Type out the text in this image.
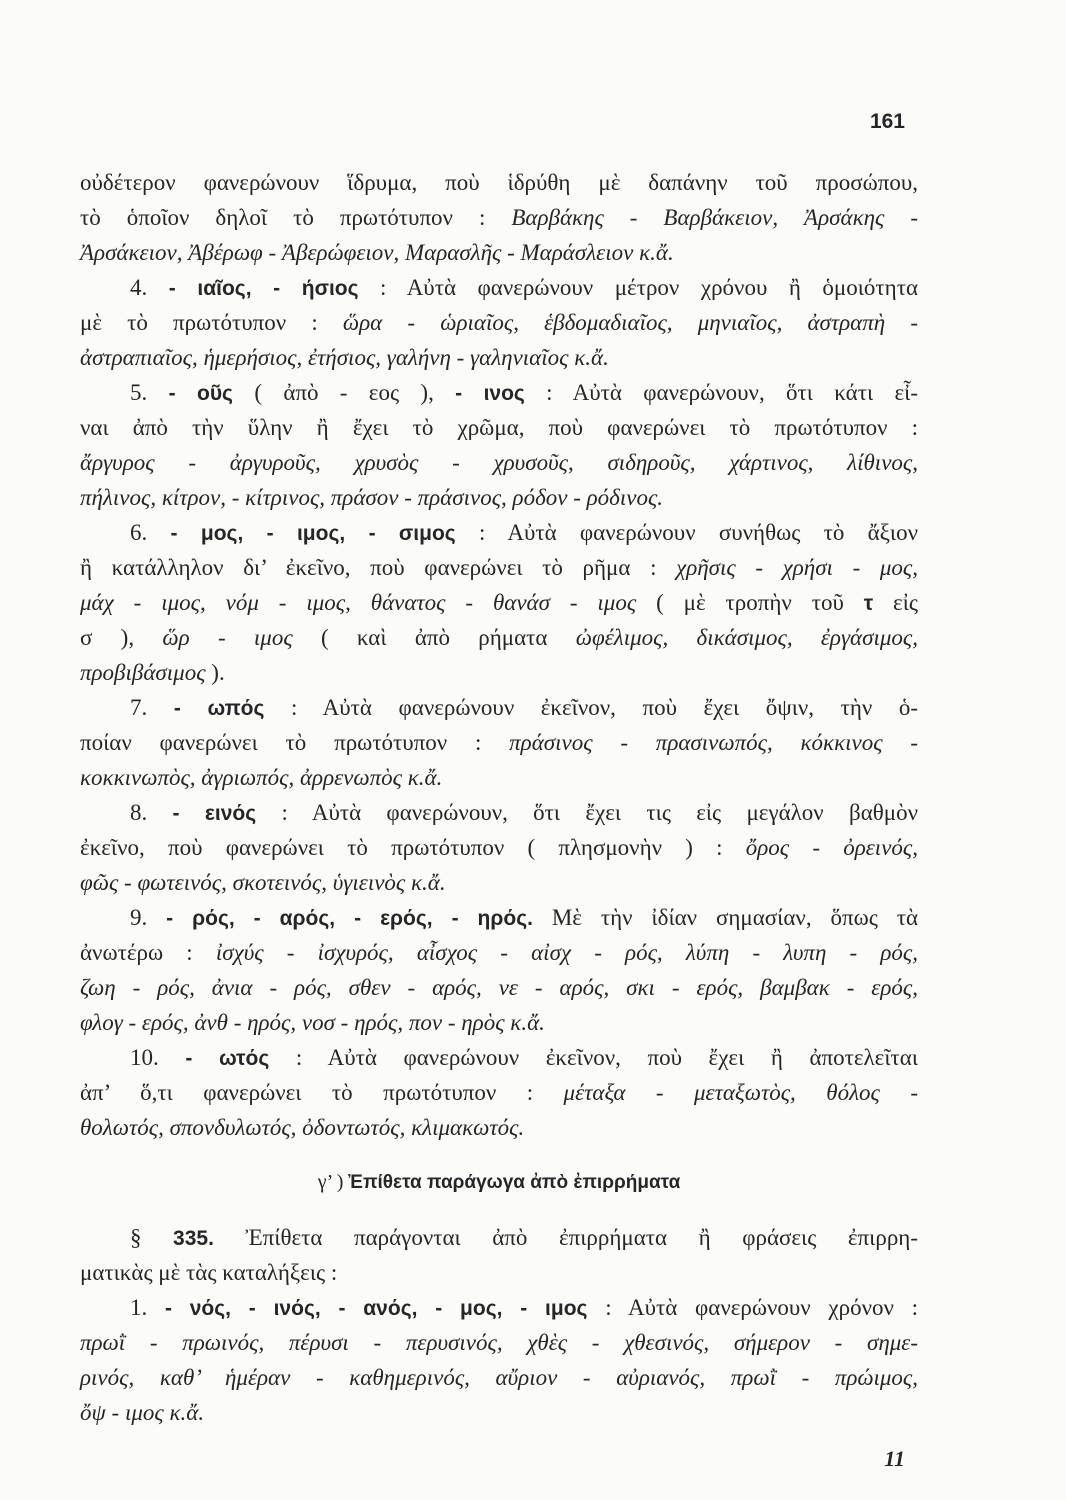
161
οὐδέτερον φανερώνουν ἵδρυμα, ποὺ ἱδρύθη μὲ δαπάνην τοῦ προσώπου,
τὸ ὁποῖον δηλοῖ τὸ πρωτότυπον : Βαρβάκης - Βαρβάκειον, Ἀρσάκης -
Ἀρσάκειον, Ἀβέρωφ - Ἀβερώφειον, Μαρασλῆς - Μαράσλειον κ.ἄ.
4. - ιαῖος, - ήσιος : Αὐτὰ φανερώνουν μέτρον χρόνου ἢ ὁμοιότητα
μὲ τὸ πρωτότυπον : ὥρα - ὡριαῖος, ἑβδομαδιαῖος, μηνιαῖος, ἀστραπὴ -
ἀστραπιαῖος, ἡμερήσιος, ἐτήσιος, γαλήνη - γαληνιαῖος κ.ἄ.
5. - οῦς ( ἀπὸ - εος ), - ινος : Αὐτὰ φανερώνουν, ὅτι κάτι εἶ-
ναι ἀπὸ τὴν ὕλην ἢ ἔχει τὸ χρῶμα, ποὺ φανερώνει τὸ πρωτότυπον :
ἄργυρος - ἀργυροῦς, χρυσὸς - χρυσοῦς, σιδηροῦς, χάρτινος, λίθινος,
πήλινος, κίτρον, - κίτρινος, πράσον - πράσινος, ρόδον - ρόδινος.
6. - μος, - ιμος, - σιμος : Αὐτὰ φανερώνουν συνήθως τὸ ἄξιον
ἢ κατάλληλον δι’ ἐκεῖνο, ποὺ φανερώνει τὸ ρῆμα : χρῆσις - χρήσι - μος,
μάχ - ιμος, νόμ - ιμος, θάνατος - θανάσ - ιμος ( μὲ τροπὴν τοῦ τ εἰς
σ ), ὥρ - ιμος ( καὶ ἀπὸ ρήματα ὠφέλιμος, δικάσιμος, ἐργάσιμος,
προβιβάσιμος ).
7. - ωπός : Αὐτὰ φανερώνουν ἐκεῖνον, ποὺ ἔχει ὄψιν, τὴν ὁ-
ποίαν φανερώνει τὸ πρωτότυπον : πράσινος - πρασινωπός, κόκκινος -
κοκκινωπὸς, ἀγριωπός, ἀρρενωπὸς κ.ἄ.
8. - εινός : Αὐτὰ φανερώνουν, ὅτι ἔχει τις εἰς μεγάλον βαθμὸν
ἐκεῖνο, ποὺ φανερώνει τὸ πρωτότυπον ( πλησμονὴν ) : ὄρος - ὀρεινός,
φῶς - φωτεινός, σκοτεινός, ὑγιεινὸς κ.ἄ.
9. - ρός, - αρός, - ερός, - ηρός. Μὲ τὴν ἰδίαν σημασίαν, ὅπως τὰ
ἀνωτέρω : ἰσχύς - ἰσχυρός, αἶσχος - αἰσχ - ρός, λύπη - λυπη - ρός,
ζωη - ρός, ἀνια - ρός, σθεν - αρός, νε - αρός, σκι - ερός, βαμβακ - ερός,
φλογ - ερός, ἀνθ - ηρός, νοσ - ηρός, πον - ηρὸς κ.ἄ.
10. - ωτός : Αὐτὰ φανερώνουν ἐκεῖνον, ποὺ ἔχει ἢ ἀποτελεῖται
ἀπ’ ὅ,τι φανερώνει τὸ πρωτότυπον : μέταξα - μεταξωτὸς, θόλος -
θολωτός, σπονδυλωτός, ὀδοντωτός, κλιμακωτός.
γ’ ) Ἐπίθετα παράγωγα ἀπὸ ἐπιρρήματα
§ 335. Ἐπίθετα παράγονται ἀπὸ ἐπιρρήματα ἢ φράσεις ἐπιρρη-
ματικὰς μὲ τὰς καταλήξεις :
1. - νός, - ινός, - ανός, - μος, - ιμος : Αὐτὰ φανερώνουν χρόνον :
πρωῒ - πρωινός, πέρυσι - περυσινός, χθὲς - χθεσινός, σήμερον - σημε-
ρινός, καθ’ ἡμέραν - καθημερινός, αὔριον - αὐριανός, πρωῒ - πρώιμος,
ὄψ - ιμος κ.ἄ.
11
